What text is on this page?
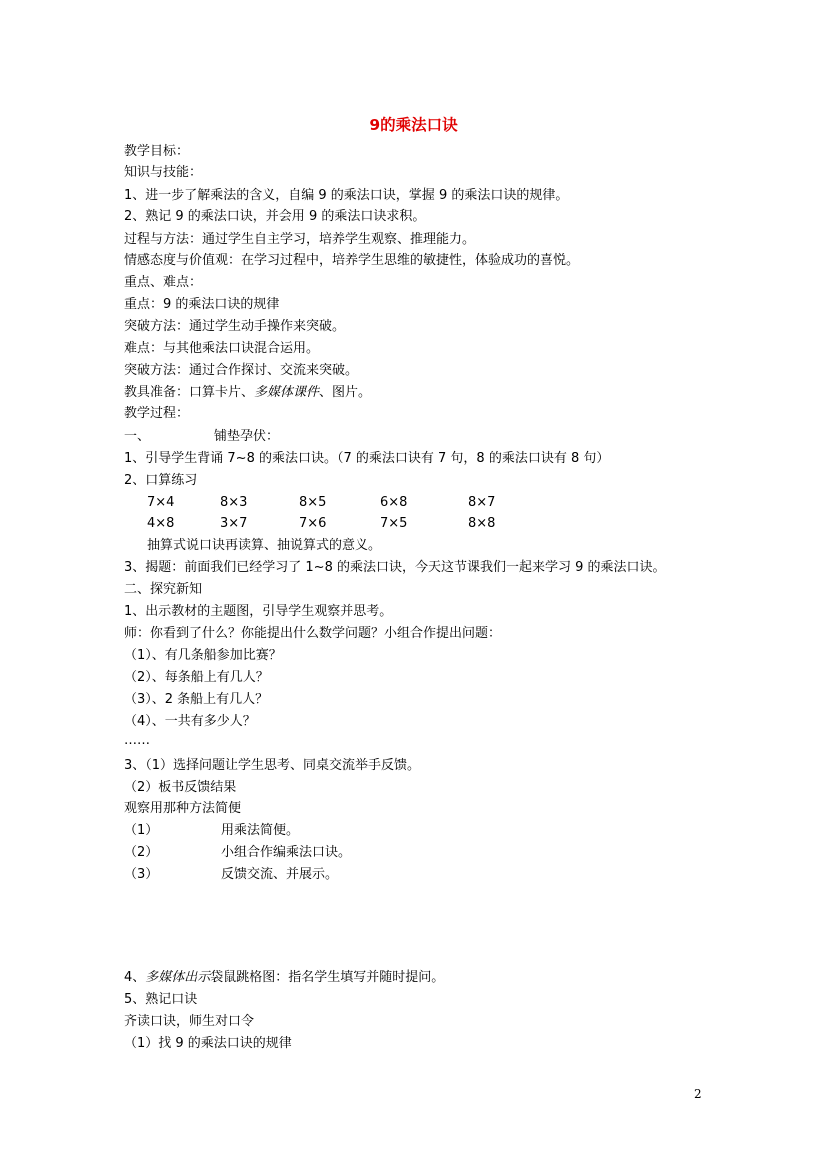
9的乘法口诀
教学目标：
知识与技能：
1、进一步了解乘法的含义，自编 9 的乘法口诀，掌握 9 的乘法口诀的规律。
2、熟记 9 的乘法口诀，并会用 9 的乘法口诀求积。
过程与方法：通过学生自主学习，培养学生观察、推理能力。
情感态度与价值观：在学习过程中，培养学生思维的敏捷性，体验成功的喜悦。
重点、难点：
重点：9 的乘法口诀的规律
突破方法：通过学生动手操作来突破。
难点：与其他乘法口诀混合运用。
突破方法：通过合作探讨、交流来突破。
教具准备：口算卡片、多媒体课件、图片。
教学过程：
一、	铺垫孕伏：
1、引导学生背诵 7~8 的乘法口诀。（7 的乘法口诀有 7 句，8 的乘法口诀有 8 句）
2、口算练习
7×4	8×3	8×5	6×8	8×7
4×8	3×7	7×6	7×5	8×8
抽算式说口诀再读算、抽说算式的意义。
3、揭题：前面我们已经学习了 1~8 的乘法口诀，今天这节课我们一起来学习 9 的乘法口诀。
二、探究新知
1、出示教材的主题图，引导学生观察并思考。
师：你看到了什么？你能提出什么数学问题？小组合作提出问题：
（1）、有几条船参加比赛？
（2）、每条船上有几人？
（3）、2 条船上有几人？
（4）、一共有多少人？
……
3、（1）选择问题让学生思考、同桌交流举手反馈。
（2）板书反馈结果
观察用那种方法简便
（1）	用乘法简便。
（2）	小组合作编乘法口诀。
（3）	反馈交流、并展示。
4、多媒体出示袋鼠跳格图：指名学生填写并随时提问。
5、熟记口诀
齐读口诀，师生对口令
（1）找 9 的乘法口诀的规律
2
